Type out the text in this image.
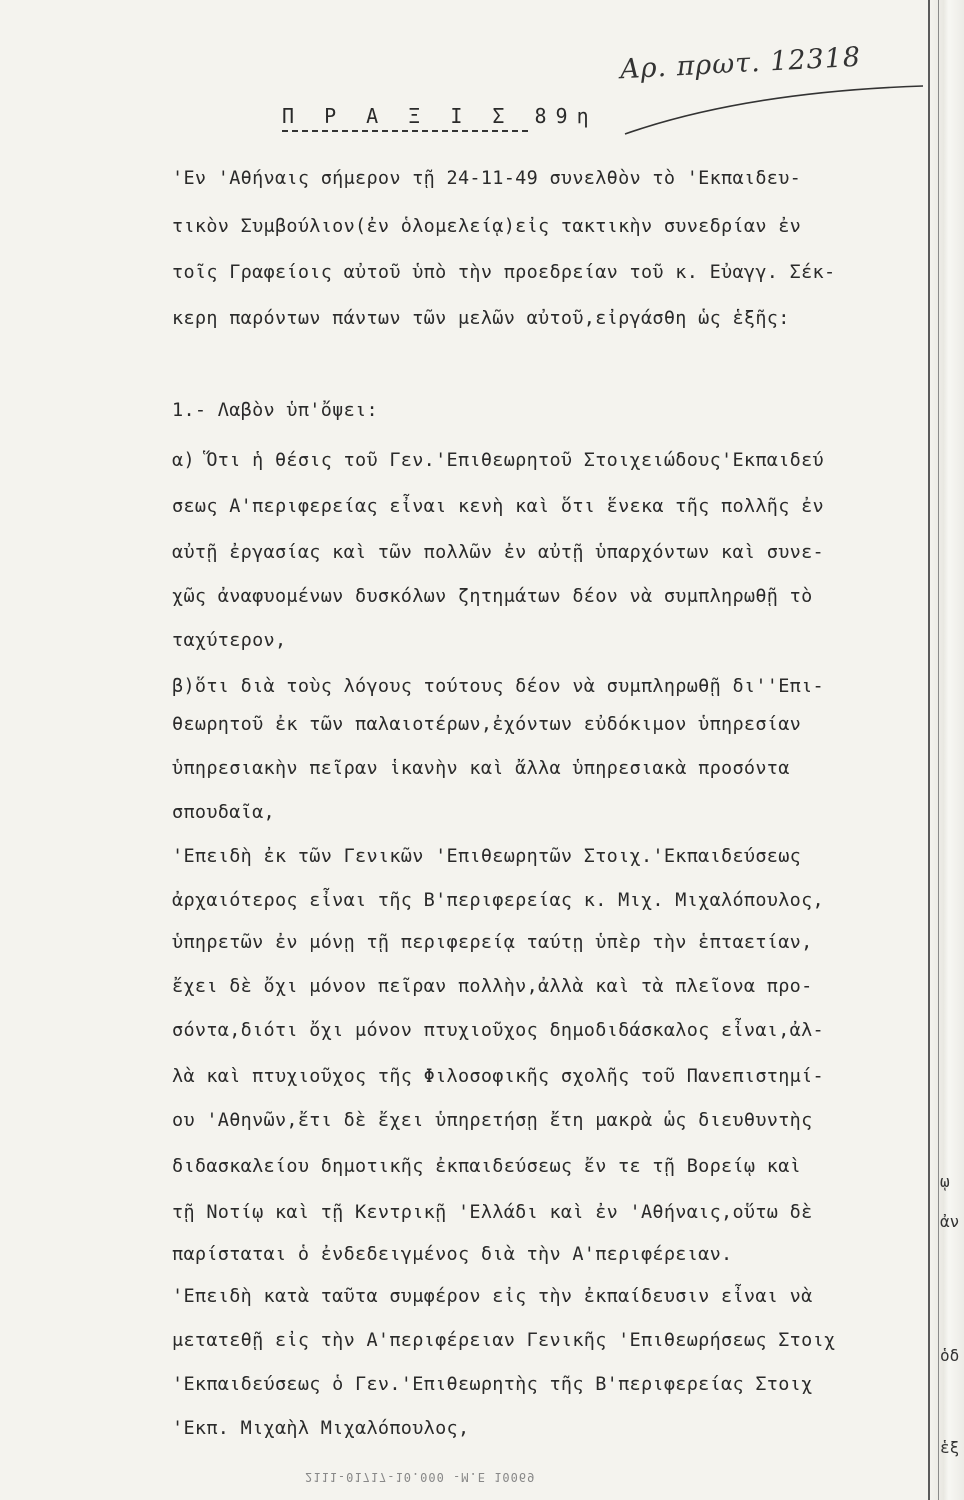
ῳ
ἀν
ὁδ
ἑξ
Αρ. πρωτ. 12318
Π Ρ Α Ξ Ι Σ 89η
'Εν 'Αθήναις σήμερον τῇ 24-11-49 συνελθὸν τὸ 'Εκπαιδευ-
τικὸν Συμβούλιον(ἐν ὁλομελείᾳ)εἰς τακτικὴν συνεδρίαν ἐν
τοῖς Γραφείοις αὐτοῦ ὑπὸ τὴν προεδρείαν τοῦ κ. Εὐαγγ. Σέκ-
κερη παρόντων πάντων τῶν μελῶν αὐτοῦ,εἰργάσθη ὡς ἑξῆς:
1.- Λαβὸν ὑπ'ὄψει:
α) Ὅτι ἡ θέσις τοῦ Γεν.'Επιθεωρητοῦ Στοιχειώδους'Εκπαιδεύ
σεως Α'περιφερείας εἶναι κενὴ καὶ ὅτι ἕνεκα τῆς πολλῆς ἐν
αὐτῇ ἐργασίας καὶ τῶν πολλῶν ἐν αὐτῇ ὑπαρχόντων καὶ συνε-
χῶς ἀναφυομένων δυσκόλων ζητημάτων δέον νὰ συμπληρωθῇ τὸ
ταχύτερον,
β)ὅτι διὰ τοὺς λόγους τούτους δέον νὰ συμπληρωθῇ δι''Επι-
θεωρητοῦ ἐκ τῶν παλαιοτέρων,ἐχόντων εὐδόκιμον ὑπηρεσίαν
ὑπηρεσιακὴν πεῖραν ἱκανὴν καὶ ἄλλα ὑπηρεσιακὰ προσόντα
σπουδαῖα,
'Επειδὴ ἐκ τῶν Γενικῶν 'Επιθεωρητῶν Στοιχ.'Εκπαιδεύσεως
ἀρχαιότερος εἶναι τῆς Β'περιφερείας κ. Μιχ. Μιχαλόπουλος,
ὑπηρετῶν ἐν μόνῃ τῇ περιφερείᾳ ταύτῃ ὑπὲρ τὴν ἑπταετίαν,
ἔχει δὲ ὄχι μόνον πεῖραν πολλὴν,ἀλλὰ καὶ τὰ πλεῖονα προ-
σόντα,διότι ὄχι μόνον πτυχιοῦχος δημοδιδάσκαλος εἶναι,ἀλ-
λὰ καὶ πτυχιοῦχος τῆς Φιλοσοφικῆς σχολῆς τοῦ Πανεπιστημί-
ου 'Αθηνῶν,ἔτι δὲ ἔχει ὑπηρετήσῃ ἔτη μακρὰ ὡς διευθυντὴς
διδασκαλείου δημοτικῆς ἐκπαιδεύσεως ἔν τε τῇ Βορείῳ καὶ
τῇ Νοτίῳ καὶ τῇ Κεντρικῇ 'Ελλάδι καὶ ἐν 'Αθήναις,οὕτω δὲ
παρίσταται ὁ ἐνδεδειγμένος διὰ τὴν Α'περιφέρειαν.
'Επειδὴ κατὰ ταῦτα συμφέρον εἰς τὴν ἐκπαίδευσιν εἶναι νὰ
μετατεθῇ εἰς τὴν Α'περιφέρειαν Γενικῆς 'Επιθεωρήσεως Στοιχ
'Εκπαιδεύσεως ὁ Γεν.'Επιθεωρητὴς τῆς Β'περιφερείας Στοιχ
'Εκπ. Μιχαὴλ Μιχαλόπουλος,
2111-01717-10.000 -M.E 10069
